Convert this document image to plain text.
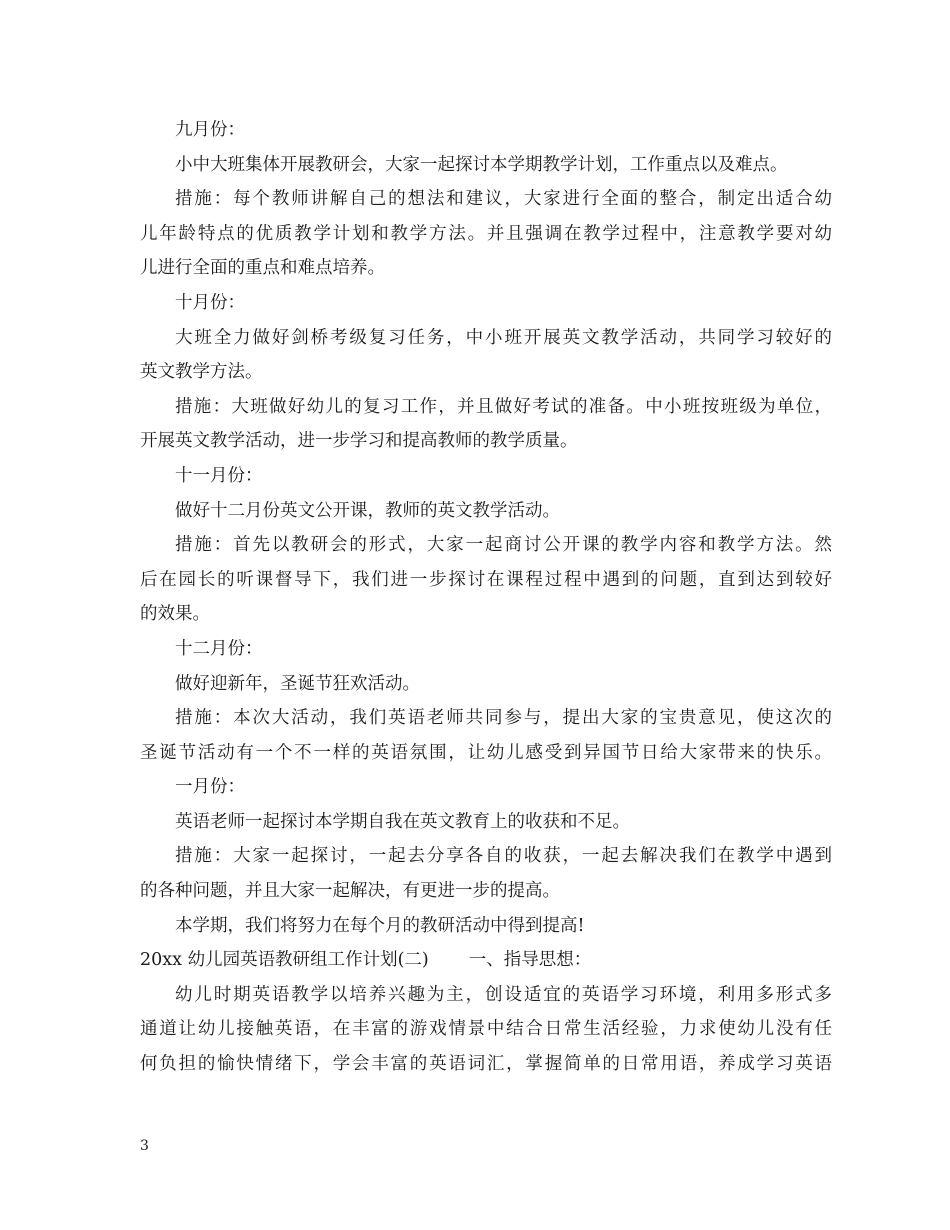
九月份：
小中大班集体开展教研会，大家一起探讨本学期教学计划，工作重点以及难点。
措施：每个教师讲解自己的想法和建议，大家进行全面的整合，制定出适合幼
儿年龄特点的优质教学计划和教学方法。并且强调在教学过程中，注意教学要对幼
儿进行全面的重点和难点培养。
十月份：
大班全力做好剑桥考级复习任务，中小班开展英文教学活动，共同学习较好的
英文教学方法。
措施：大班做好幼儿的复习工作，并且做好考试的准备。中小班按班级为单位，
开展英文教学活动，进一步学习和提高教师的教学质量。
十一月份：
做好十二月份英文公开课，教师的英文教学活动。
措施：首先以教研会的形式，大家一起商讨公开课的教学内容和教学方法。然
后在园长的听课督导下，我们进一步探讨在课程过程中遇到的问题，直到达到较好
的效果。
十二月份：
做好迎新年，圣诞节狂欢活动。
措施：本次大活动，我们英语老师共同参与，提出大家的宝贵意见，使这次的
圣诞节活动有一个不一样的英语氛围，让幼儿感受到异国节日给大家带来的快乐。
一月份：
英语老师一起探讨本学期自我在英文教育上的收获和不足。
措施：大家一起探讨，一起去分享各自的收获，一起去解决我们在教学中遇到
的各种问题，并且大家一起解决，有更进一步的提高。
本学期，我们将努力在每个月的教研活动中得到提高!
20xx 幼儿园英语教研组工作计划(二) 一、指导思想：
幼儿时期英语教学以培养兴趣为主，创设适宜的英语学习环境，利用多形式多
通道让幼儿接触英语，在丰富的游戏情景中结合日常生活经验，力求使幼儿没有任
何负担的愉快情绪下，学会丰富的英语词汇，掌握简单的日常用语，养成学习英语
3
